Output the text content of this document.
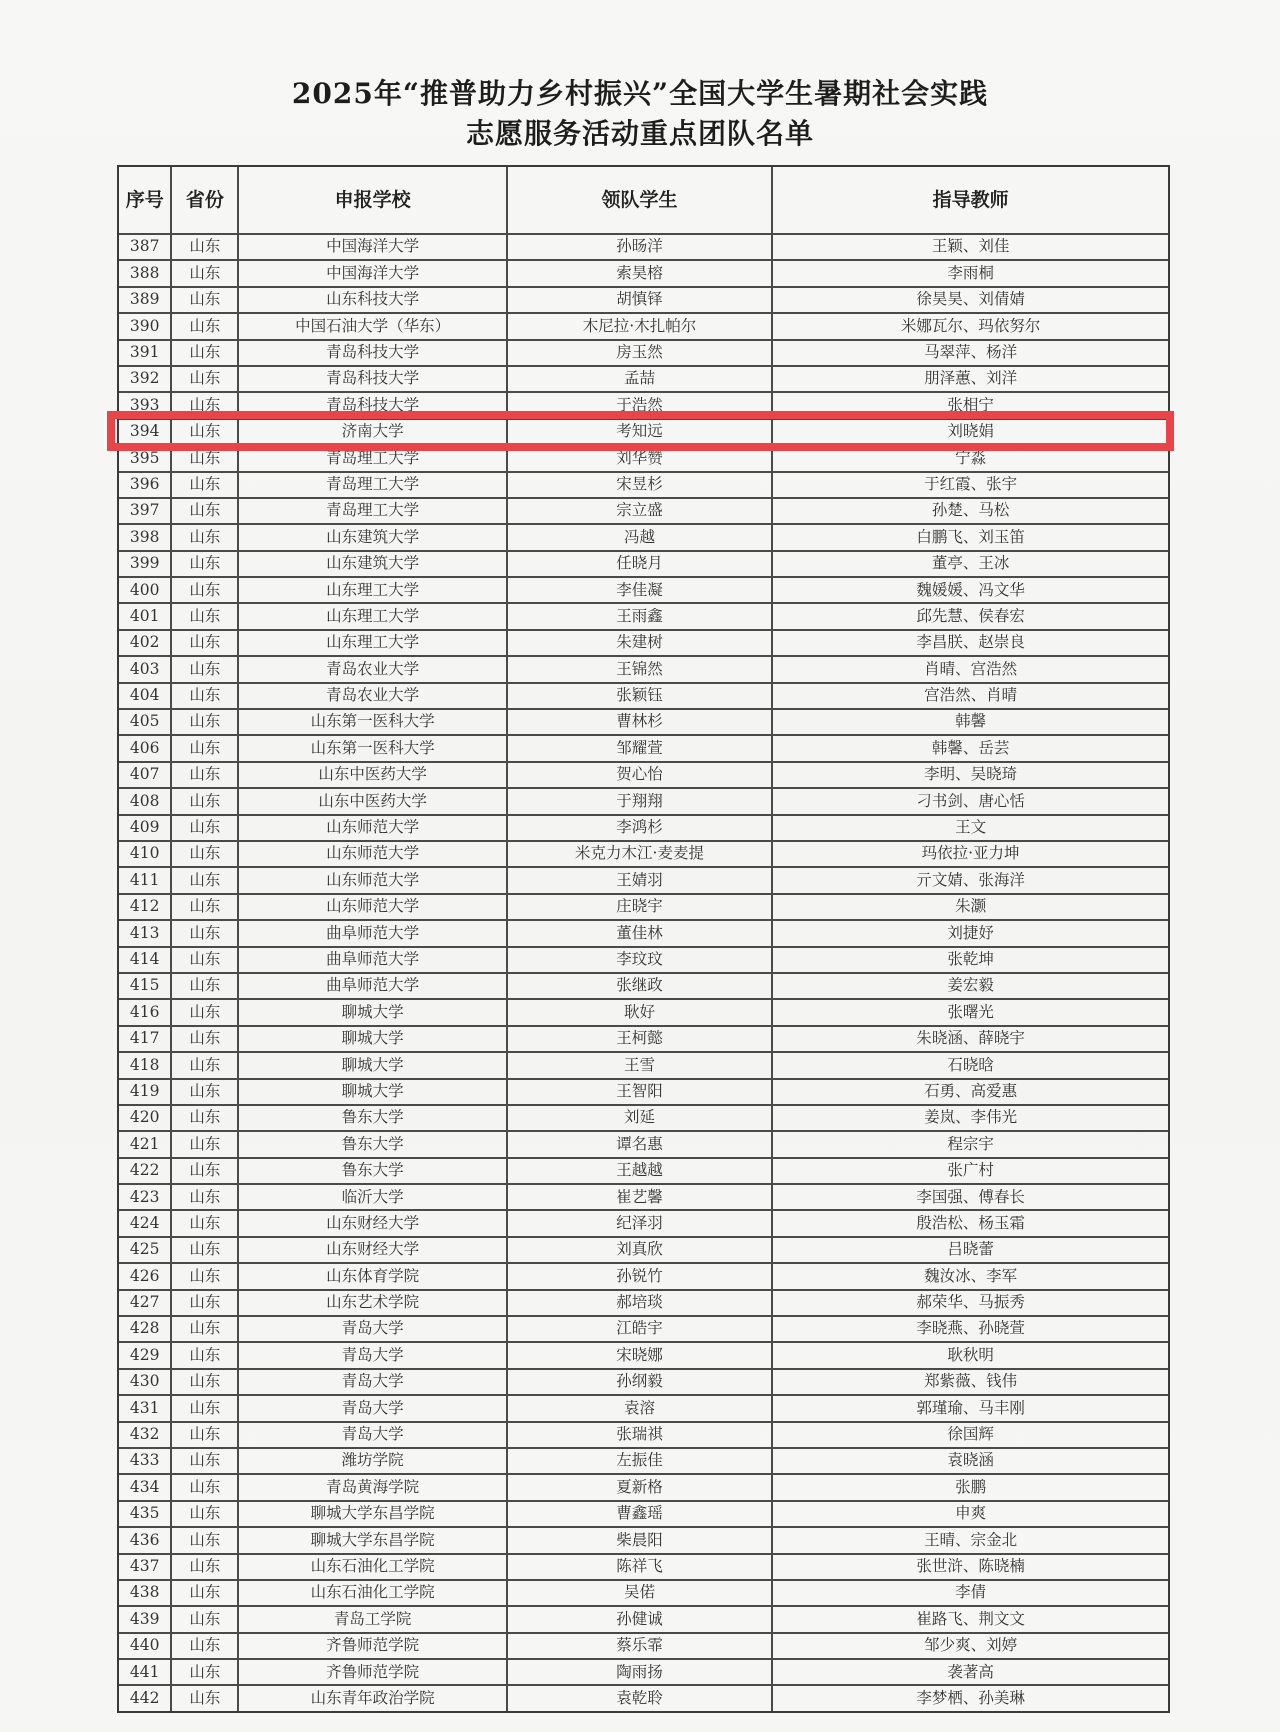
2025年“推普助力乡村振兴”全国大学生暑期社会实践
志愿服务活动重点团队名单
序号	省份	申报学校	领队学生	指导教师
387	山东	中国海洋大学	孙旸洋	王颖、刘佳
388	山东	中国海洋大学	索昊榕	李雨桐
389	山东	山东科技大学	胡慎铎	徐昊昊、刘倩婧
390	山东	中国石油大学（华东）	木尼拉·木扎帕尔	米娜瓦尔、玛依努尔
391	山东	青岛科技大学	房玉然	马翠萍、杨洋
392	山东	青岛科技大学	孟喆	朋泽蕙、刘洋
393	山东	青岛科技大学	于浩然	张相宁
394	山东	济南大学	考知远	刘晓娟
395	山东	青岛理工大学	刘华赞	宁淼
396	山东	青岛理工大学	宋昱杉	于红霞、张宇
397	山东	青岛理工大学	宗立盛	孙楚、马松
398	山东	山东建筑大学	冯越	白鹏飞、刘玉笛
399	山东	山东建筑大学	任晓月	董亭、王冰
400	山东	山东理工大学	李佳凝	魏媛媛、冯文华
401	山东	山东理工大学	王雨鑫	邱先慧、侯春宏
402	山东	山东理工大学	朱建树	李昌朕、赵崇良
403	山东	青岛农业大学	王锦然	肖晴、宫浩然
404	山东	青岛农业大学	张颖钰	宫浩然、肖晴
405	山东	山东第一医科大学	曹林杉	韩馨
406	山东	山东第一医科大学	邹耀萱	韩馨、岳芸
407	山东	山东中医药大学	贺心怡	李明、吴晓琦
408	山东	山东中医药大学	于翔翔	刁书剑、唐心恬
409	山东	山东师范大学	李鸿杉	王文
410	山东	山东师范大学	米克力木江·麦麦提	玛依拉·亚力坤
411	山东	山东师范大学	王婧羽	亓文婧、张海洋
412	山东	山东师范大学	庄晓宇	朱灏
413	山东	曲阜师范大学	董佳林	刘捷妤
414	山东	曲阜师范大学	李玟玟	张乾坤
415	山东	曲阜师范大学	张继政	姜宏毅
416	山东	聊城大学	耿好	张曙光
417	山东	聊城大学	王柯懿	朱晓涵、薛晓宇
418	山东	聊城大学	王雪	石晓晗
419	山东	聊城大学	王智阳	石勇、高爱惠
420	山东	鲁东大学	刘延	姜岚、李伟光
421	山东	鲁东大学	谭名惠	程宗宇
422	山东	鲁东大学	王越越	张广村
423	山东	临沂大学	崔艺馨	李国强、傅春长
424	山东	山东财经大学	纪泽羽	殷浩松、杨玉霜
425	山东	山东财经大学	刘真欣	吕晓蕾
426	山东	山东体育学院	孙锐竹	魏汝冰、李军
427	山东	山东艺术学院	郝培琰	郝荣华、马振秀
428	山东	青岛大学	江皓宇	李晓燕、孙晓萱
429	山东	青岛大学	宋晓娜	耿秋明
430	山东	青岛大学	孙纲毅	郑紫薇、钱伟
431	山东	青岛大学	袁溶	郭瑾瑜、马丰刚
432	山东	青岛大学	张瑞祺	徐国辉
433	山东	潍坊学院	左振佳	袁晓涵
434	山东	青岛黄海学院	夏新格	张鹏
435	山东	聊城大学东昌学院	曹鑫瑶	申爽
436	山东	聊城大学东昌学院	柴晨阳	王晴、宗金北
437	山东	山东石油化工学院	陈祥飞	张世浒、陈晓楠
438	山东	山东石油化工学院	吴偌	李倩
439	山东	青岛工学院	孙健诚	崔路飞、荆文文
440	山东	齐鲁师范学院	蔡乐霏	邹少爽、刘婷
441	山东	齐鲁师范学院	陶雨扬	袭著高
442	山东	山东青年政治学院	袁乾聆	李梦栖、孙美琳
